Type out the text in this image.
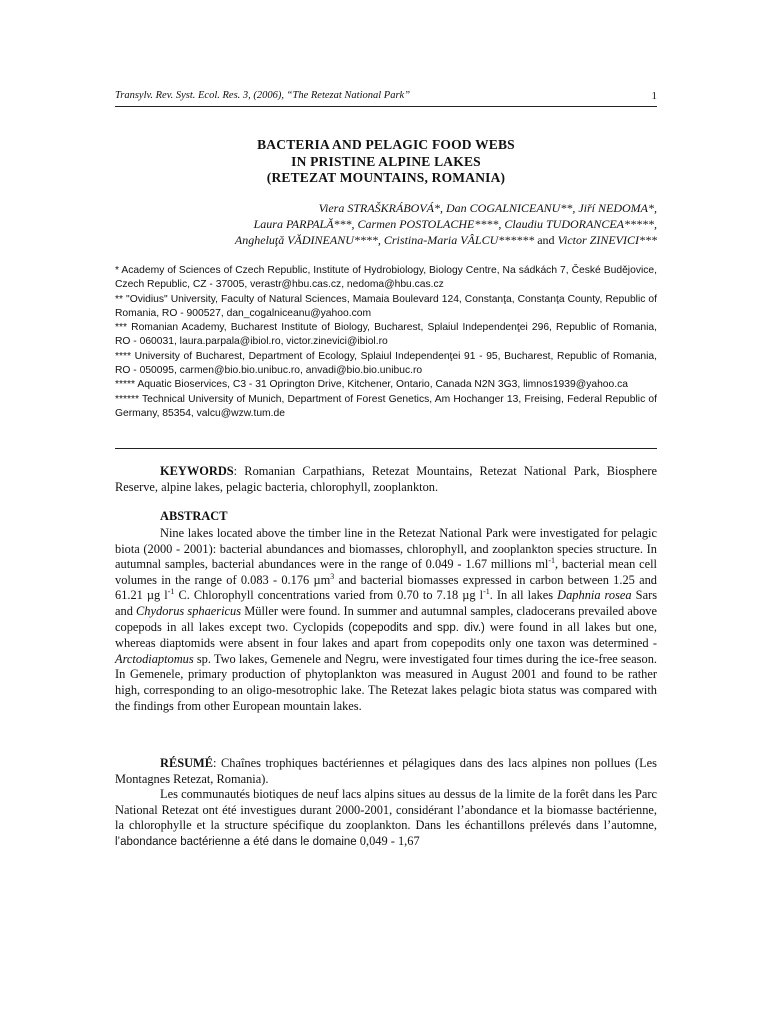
Transylv. Rev. Syst. Ecol. Res. 3, (2006), “The Retezat National Park”	1
BACTERIA AND PELAGIC FOOD WEBS
IN PRISTINE ALPINE LAKES
(RETEZAT MOUNTAINS, ROMANIA)
Viera STRAŠKRÁBOVÁ*, Dan COGALNICEANU**, Jiří NEDOMA*,
Laura PARPALĂ***, Carmen POSTOLACHE****, Claudiu TUDORANCEA*****,
Angheluţă VĂDINEANU****, Cristina-Maria VÂLCU****** and Victor ZINEVICI***

* Academy of Sciences of Czech Republic, Institute of Hydrobiology, Biology Centre, Na sádkách 7, České Budějovice, Czech Republic, CZ - 37005, verastr@hbu.cas.cz, nedoma@hbu.cas.cz

** "Ovidius" University, Faculty of Natural Sciences, Mamaia Boulevard 124, Constanţa, Constanţa County, Republic of Romania, RO - 900527, dan_cogalniceanu@yahoo.com

*** Romanian Academy, Bucharest Institute of Biology, Bucharest, Splaiul Independenţei 296, Republic of Romania, RO - 060031, laura.parpala@ibiol.ro, victor.zinevici@ibiol.ro

**** University of Bucharest, Department of Ecology, Splaiul Independenţei 91 - 95, Bucharest, Republic of Romania, RO - 050095, carmen@bio.bio.unibuc.ro, anvadi@bio.bio.unibuc.ro

***** Aquatic Bioservices, C3 - 31 Oprington Drive, Kitchener, Ontario, Canada N2N 3G3, limnos1939@yahoo.ca

****** Technical University of Munich, Department of Forest Genetics, Am Hochanger 13, Freising, Federal Republic of Germany, 85354, valcu@wzw.tum.de

KEYWORDS: Romanian Carpathians, Retezat Mountains, Retezat National Park, Biosphere Reserve, alpine lakes, pelagic bacteria, chlorophyll, zooplankton.

ABSTRACT

Nine lakes located above the timber line in the Retezat National Park were investigated for pelagic biota (2000 - 2001): bacterial abundances and biomasses, chlorophyll, and zooplankton species structure. In autumnal samples, bacterial abundances were in the range of 0.049 - 1.67 millions $ml^{-1}$, bacterial mean cell volumes in the range of 0.083 - 0.176 µm$^3$ and bacterial biomasses expressed in carbon between 1.25 and 61.21 µg $l^{-1}$ C. Chlorophyll concentrations varied from 0.70 to 7.18 µg $l^{-1}$. In all lakes Daphnia rosea Sars and Chydorus sphaericus Müller were found. In summer and autumnal samples, cladocerans prevailed above copepods in all lakes except two. Cyclopids (copepodits and spp. div.) were found in all lakes but one, whereas diaptomids were absent in four lakes and apart from copepodits only one taxon was determined - Arctodiaptomus sp. Two lakes, Gemenele and Negru, were investigated four times during the ice-free season. In Gemenele, primary production of phytoplankton was measured in August 2001 and found to be rather high, corresponding to an oligo-mesotrophic lake. The Retezat lakes pelagic biota status was compared with the findings from other European mountain lakes.

RÉSUMÉ: Chaînes trophiques bactériennes et pélagiques dans des lacs alpines non pollues (Les Montagnes Retezat, Romania).

Les communautés biotiques de neuf lacs alpins situes au dessus de la limite de la forêt dans les Parc National Retezat ont été investigues durant 2000-2001, considérant l’abondance et la biomasse bactérienne, la chlorophylle et la structure spécifique du zooplankton. Dans les échantillons prélevés dans l’automne, l’abondance bactérienne a été dans le domaine 0,049 - 1,67
